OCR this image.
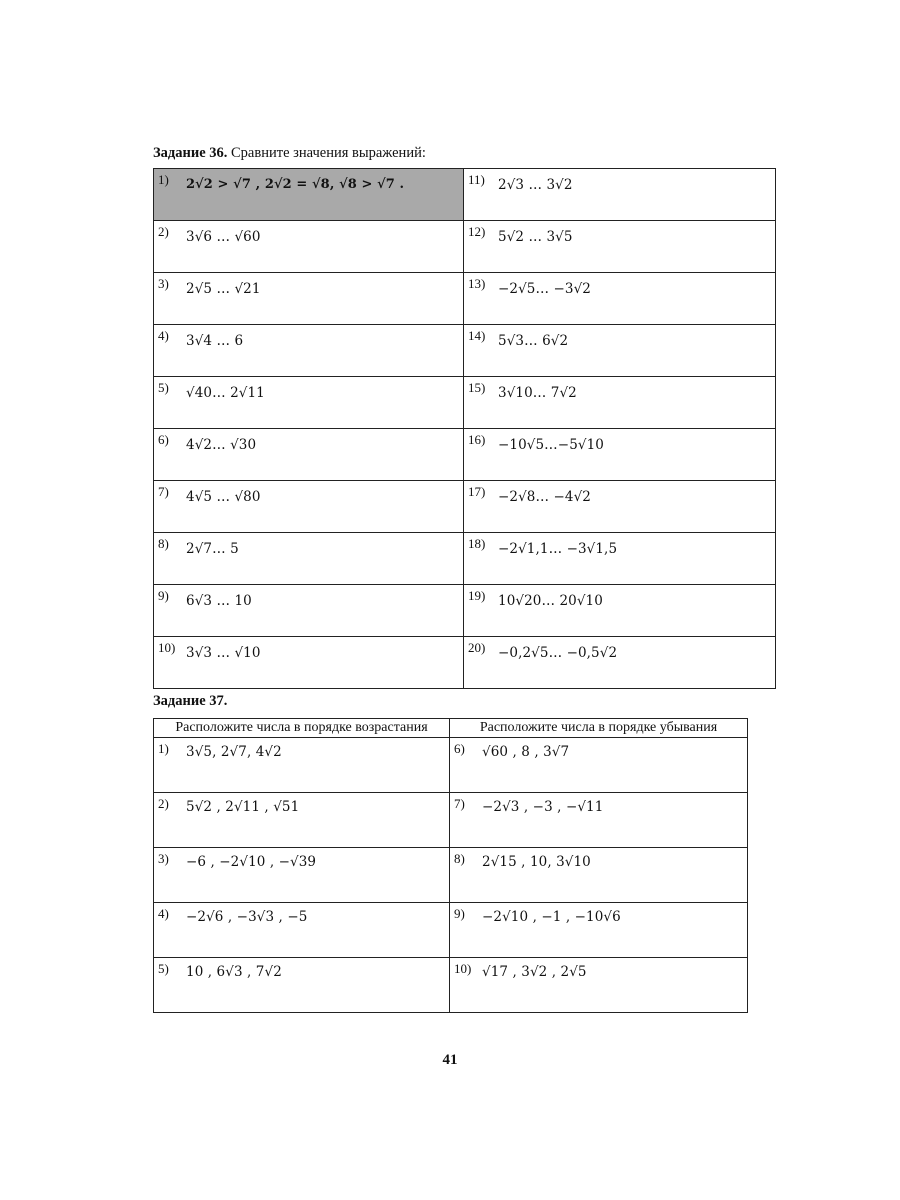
Задание 36. Сравните значения выражений:
1) 2√2 > √7 , 2√2 = √8, √8 > √7 .	11) 2√3 … 3√2

2) 3√6 … √60	12) 5√2 … 3√5

3) 2√5 … √21	13) −2√5… −3√2

4) 3√4 … 6	14) 5√3… 6√2

5) √40… 2√11	15) 3√10… 7√2

6) 4√2… √30	16) −10√5…−5√10

7) 4√5 … √80	17) −2√8… −4√2

8) 2√7… 5	18) −2√1,1… −3√1,5

9) 6√3 … 10	19) 10√20… 20√10

10) 3√3 … √10	20) −0,2√5… −0,5√2
Задание 37.
Расположите числа в порядке возрастания	Расположите числа в порядке убывания

1) 3√5, 2√7, 4√2	6) √60 , 8 , 3√7

2) 5√2 , 2√11 , √51	7) −2√3 , −3 , −√11

3) −6 , −2√10 , −√39	8) 2√15 , 10, 3√10

4) −2√6 , −3√3 , −5	9) −2√10 , −1 , −10√6

5) 10 , 6√3 , 7√2	10) √17 , 3√2 , 2√5
41
